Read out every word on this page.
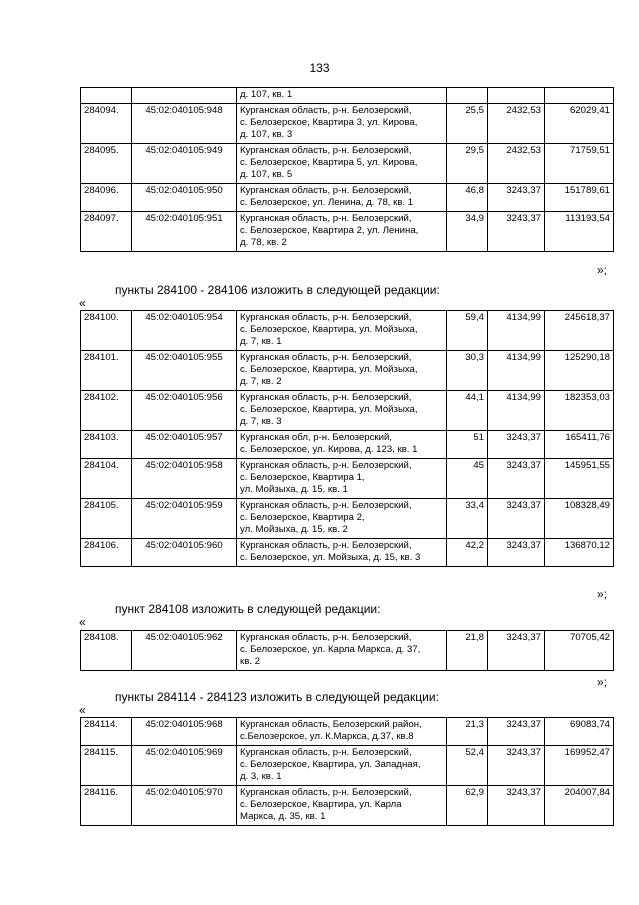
133
		д. 107, кв. 1			
284094.	45:02:040105:948	Курганская область, р-н. Белозерский,
с. Белозерское, Квартира 3, ул. Кирова,
д. 107, кв. 3	25,5	2432,53	62029,41
284095.	45:02:040105:949	Курганская область, р-н. Белозерский,
с. Белозерское, Квартира 5, ул. Кирова,
д. 107, кв. 5	29,5	2432,53	71759,51
284096.	45:02:040105:950	Курганская область, р-н. Белозерский,
с. Белозерское, ул. Ленина, д. 78, кв. 1	46,8	3243,37	151789,61
284097.	45:02:040105:951	Курганская область, р-н. Белозерский,
с. Белозерское, Квартира 2, ул. Ленина,
д. 78, кв. 2	34,9	3243,37	113193,54
»;
пункты 284100 - 284106 изложить в следующей редакции:
«
284100.	45:02:040105:954	Курганская область, р-н. Белозерский,
с. Белозерское, Квартира, ул. Мойзыха,
д. 7, кв. 1	59,4	4134,99	245618,37
284101.	45:02:040105:955	Курганская область, р-н. Белозерский,
с. Белозерское, Квартира, ул. Мойзыха,
д. 7, кв. 2	30,3	4134,99	125290,18
284102.	45:02:040105:956	Курганская область, р-н. Белозерский,
с. Белозерское, Квартира, ул. Мойзыха,
д. 7, кв. 3	44,1	4134,99	182353,03
284103.	45:02:040105:957	Курганская обл, р-н. Белозерский,
с. Белозерское, ул. Кирова, д. 123, кв. 1	51	3243,37	165411,76
284104.	45:02:040105:958	Курганская область, р-н. Белозерский,
с. Белозерское, Квартира 1,
ул. Мойзыха, д. 15, кв. 1	45	3243,37	145951,55
284105.	45:02:040105:959	Курганская область, р-н. Белозерский,
с. Белозерское, Квартира 2,
ул. Мойзыха, д. 15, кв. 2	33,4	3243,37	108328,49
284106.	45:02:040105:960	Курганская область, р-н. Белозерский,
с. Белозерское, ул. Мойзыха, д. 15, кв. 3	42,2	3243,37	136870,12
»;
пункт 284108 изложить в следующей редакции:
«
284108.	45:02:040105:962	Курганская область, р-н. Белозерский,
с. Белозерское, ул. Карла Маркса, д. 37,
кв. 2	21,8	3243,37	70705,42
»;
пункты 284114 - 284123 изложить в следующей редакции:
«
284114.	45:02:040105:968	Курганская область, Белозерский район,
с.Белозерское, ул. К.Маркса, д.37, кв.8	21,3	3243,37	69083,74
284115.	45:02:040105:969	Курганская область, р-н. Белозерский,
с. Белозерское, Квартира, ул. Западная,
д. 3, кв. 1	52,4	3243,37	169952,47
284116.	45:02:040105:970	Курганская область, р-н. Белозерский,
с. Белозерское, Квартира, ул. Карла
Маркса, д. 35, кв. 1	62,9	3243,37	204007,84
